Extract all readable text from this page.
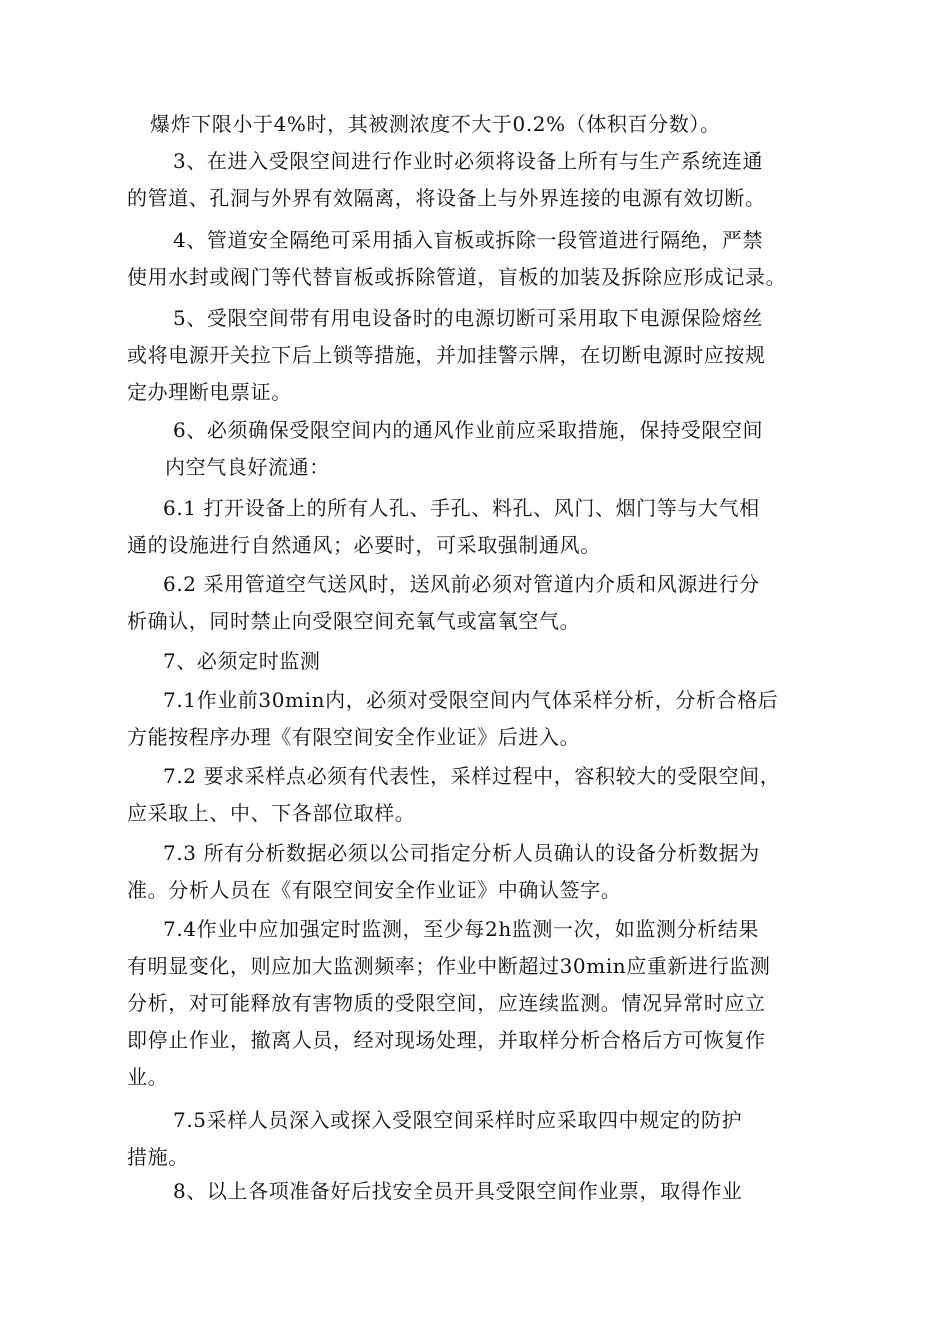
爆炸下限小于4%时，其被测浓度不大于0.2%（体积百分数）。
3、在进入受限空间进行作业时必须将设备上所有与生产系统连通
的管道、孔洞与外界有效隔离，将设备上与外界连接的电源有效切断。
4、管道安全隔绝可采用插入盲板或拆除一段管道进行隔绝，严禁
使用水封或阀门等代替盲板或拆除管道，盲板的加装及拆除应形成记录。
5、受限空间带有用电设备时的电源切断可采用取下电源保险熔丝
或将电源开关拉下后上锁等措施，并加挂警示牌，在切断电源时应按规
定办理断电票证。
6、必须确保受限空间内的通风作业前应采取措施，保持受限空间
内空气良好流通：
6.1 打开设备上的所有人孔、手孔、料孔、风门、烟门等与大气相
通的设施进行自然通风；必要时，可采取强制通风。
6.2 采用管道空气送风时，送风前必须对管道内介质和风源进行分
析确认，同时禁止向受限空间充氧气或富氧空气。
7、必须定时监测
7.1作业前30min内，必须对受限空间内气体采样分析，分析合格后
方能按程序办理《有限空间安全作业证》后进入。
7.2 要求采样点必须有代表性，采样过程中，容积较大的受限空间，
应采取上、中、下各部位取样。
7.3 所有分析数据必须以公司指定分析人员确认的设备分析数据为
准。分析人员在《有限空间安全作业证》中确认签字。
7.4作业中应加强定时监测，至少每2h监测一次，如监测分析结果
有明显变化，则应加大监测频率；作业中断超过30min应重新进行监测
分析，对可能释放有害物质的受限空间，应连续监测。情况异常时应立
即停止作业，撤离人员，经对现场处理，并取样分析合格后方可恢复作
业。
7.5采样人员深入或探入受限空间采样时应采取四中规定的防护
措施。
8、以上各项准备好后找安全员开具受限空间作业票，取得作业
